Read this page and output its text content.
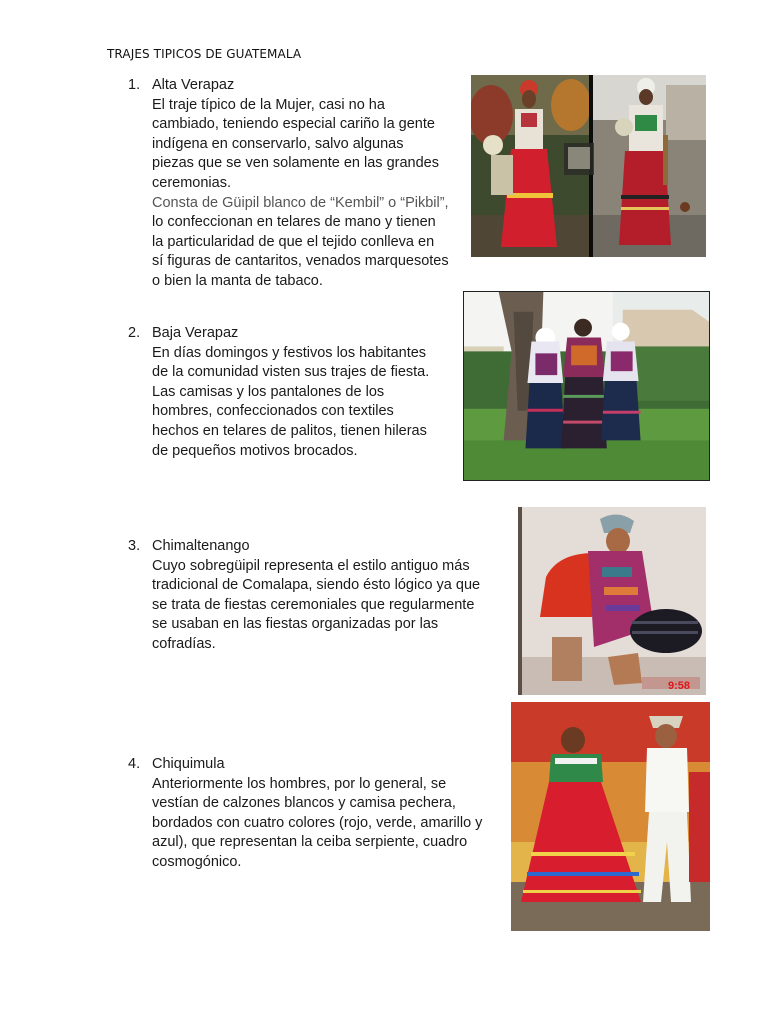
TRAJES TIPICOS DE GUATEMALA
1. Alta Verapaz
El traje típico de la Mujer, casi no ha
cambiado, teniendo especial cariño la gente
indígena en conservarlo, salvo algunas
piezas que se ven solamente en las grandes
ceremonias.
Consta de Güipil blanco de “Kembil” o “Pikbil”,
lo confeccionan en telares de mano y tienen
la particularidad de que el tejido conlleva en
sí figuras de cantaritos, venados marquesotes
o bien la manta de tabaco.
2. Baja Verapaz
En días domingos y festivos los habitantes
de la comunidad visten sus trajes de fiesta.
Las camisas y los pantalones de los
hombres, confeccionados con textiles
hechos en telares de palitos, tienen hileras
de pequeños motivos brocados.
3. Chimaltenango
Cuyo sobregüipil representa el estilo antiguo más
tradicional de Comalapa, siendo ésto lógico ya que
se trata de fiestas ceremoniales que regularmente
se usaban en las fiestas organizadas por las
cofradías.
4. Chiquimula
Anteriormente los hombres, por lo general, se
vestían de calzones blancos y camisa pechera,
bordados con cuatro colores (rojo, verde, amarillo y
azul), que representan la ceiba serpiente, cuadro
cosmogónico.
9:58
